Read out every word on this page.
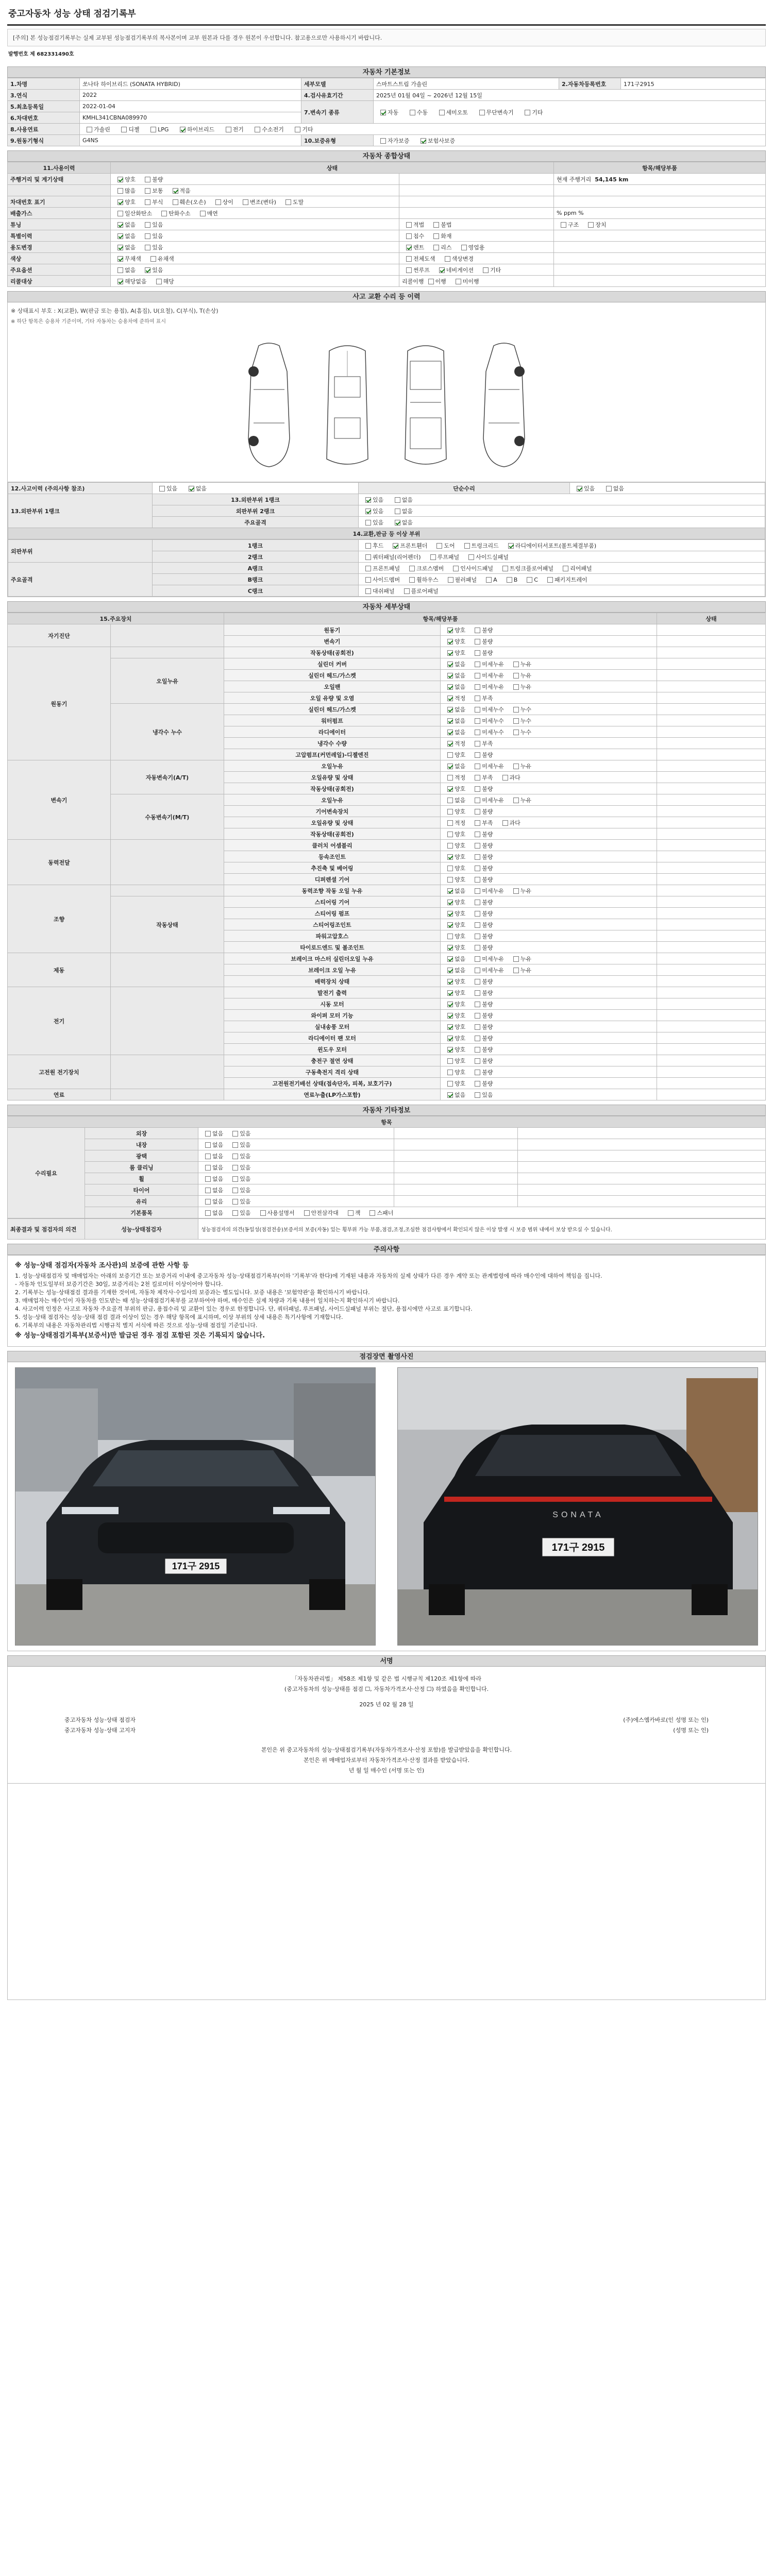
중고자동차 성능 상태 점검기록부
[주의] 본 성능점검기록부는 실제 교부된 성능점검기록부의 복사본이며 교부 원본과 다를 경우 원본이 우선합니다. 참고용으로만 사용하시기 바랍니다.
발행번호 제 682331490호
자동차 기본정보
1.차명	쏘나타 하이브리드 (SONATA HYBRID)	세부모델	스마트스트림 가솔린	2.자동차등록번호	171구2915
3.연식	2022	4.검사유효기간	2025년 01월 04일 ~ 2026년 12월 15일		
5.최초등록일	2022-01-04	7.변속기 종류	자동 수동 세미오토 무단변속기 기타		
6.차대번호	KMHL341CBNA089970				
8.사용연료	가솔린 디젤 LPG 하이브리드 전기 수소전기 기타				
9.원동기형식	G4NS	10.보증유형	자가보증 보험사보증		
자동차 종합상태
11.사용이력	상태		항목/해당부품
주행거리 및 계기상태	양호 불량		현재 주행거리 54,145 km
	많음 보통 적음		
차대번호 표기	양호 부식 훼손(오손) 상이 변조(변타) 도말		
배출가스	일산화탄소 탄화수소 매연		% ppm %
튜닝	없음 있음	적법 불법	구조 장치
특별이력	없음 있음	침수 화재	
용도변경	없음 있음	렌트 리스 영업용	
색상	무채색 유채색	전체도색 색상변경	
주요옵션	없음 있음	썬루프 네비게이션 기타	
리콜대상	해당없음 해당	리콜이행 이행 미이행	
사고 교환 수리 등 이력
※ 상태표시 부호 : X(교환), W(판금 또는 용접), A(흠집), U(요철), C(부식), T(손상)
※ 하단 항목은 승용차 기준이며, 기타 자동차는 승용차에 준하여 표시
12.사고이력 (주의사항 참조)	있음 없음	단순수리	있음 없음
13.외판부위 1랭크	13.외판부위 1랭크	있음 없음	
	외판부위 2랭크	있음 없음	
	주요골격	있음 없음	
14.교환,판금 등 이상 부위			
외판부위	1랭크	후드 프론트휀더 도어 트렁크리드 라디에이터서포트(볼트체결부품)
	2랭크	쿼터패널(리어펜더) 루프패널 사이드실패널
주요골격	A랭크	프론트패널 크로스멤버 인사이드패널 트렁크플로어패널 리어패널
	B랭크	사이드멤버 휠하우스 필러패널 A B C 패키지트레이
	C랭크	대쉬패널 플로어패널
자동차 세부상태
15.주요장치		항목/해당부품		상태
자기진단		원동기	양호 불량	
		변속기	양호 불량	
원동기		작동상태(공회전)	양호 불량	
	오일누유	실린더 커버	없음 미세누유 누유	
		실린더 헤드/가스켓	없음 미세누유 누유	
		오일팬	없음 미세누유 누유	
		오일 유량 및 오염	적정 부족	
	냉각수 누수	실린더 헤드/가스켓	없음 미세누수 누수	
		워터펌프	없음 미세누수 누수	
		라디에이터	없음 미세누수 누수	
		냉각수 수량	적정 부족	
		고압펌프(커먼레일)-디젤엔진	양호 불량	
변속기	자동변속기(A/T)	오일누유	없음 미세누유 누유	
		오일유량 및 상태	적정 부족 과다	
		작동상태(공회전)	양호 불량	
	수동변속기(M/T)	오일누유	없음 미세누유 누유	
		기어변속장치	양호 불량	
		오일유량 및 상태	적정 부족 과다	
		작동상태(공회전)	양호 불량	
동력전달		클러치 어셈블리	양호 불량	
		등속조인트	양호 불량	
		추진축 및 베어링	양호 불량	
		디퍼렌셜 기어	양호 불량	
조향		동력조향 작동 오일 누유	없음 미세누유 누유	
	작동상태	스티어링 기어	양호 불량	
		스티어링 펌프	양호 불량	
		스티어링조인트	양호 불량	
		파워고압호스	양호 불량	
		타이로드엔드 및 볼조인트	양호 불량	
제동		브레이크 마스터 실린더오일 누유	없음 미세누유 누유	
		브레이크 오일 누유	없음 미세누유 누유	
		배력장치 상태	양호 불량	
전기		발전기 출력	양호 불량	
		시동 모터	양호 불량	
		와이퍼 모터 기능	양호 불량	
		실내송풍 모터	양호 불량	
		라디에이터 팬 모터	양호 불량	
		윈도우 모터	양호 불량	
고전원 전기장치		충전구 절연 상태	양호 불량	
		구동축전지 격리 상태	양호 불량	
		고전원전기배선 상태(접속단자, 피복, 보호기구)	양호 불량	
연료		연료누출(LP가스포함)	없음 있음	
자동차 기타정보
항목				
수리필요	외장	없음 있음		
	내장	없음 있음		
	광택	없음 있음		
	룸 클리닝	없음 있음		
	휠	없음 있음		
	타이어	없음 있음		
	유리	없음 있음		
	기본품목	없음 있음 사용설명서 안전삼각대 잭 스패너		
최종결과 및 점검자의 의견	성능·상태점검자	성능점검자의 의견(동일성(점검전송)보증서의 보증(자동) 있는 횡부위 가능 부품,점검,조정,조심한 점검사항에서 확인되지 않은 이상 발생 시 보증 범위 내에서 보상 받으실 수 있습니다.
주의사항
※ 성능·상태 점검자(자동차 조사관)의 보증에 관한 사항 등
1. 성능·상태점검자 및 매매업자는 아래의 보증기간 또는 보증거리 이내에 중고자동차 성능·상태점검기록부(이하 '기록부'라 한다)에 기재된 내용과 자동차의 실제 상태가 다른 경우 계약 또는 관계법령에 따라 매수인에 대하여 책임을 집니다.
- 자동차 인도일부터 보증기간은 30일, 보증거리는 2천 킬로미터 이상이어야 합니다.
2. 기록부는 성능·상태점검 결과를 기재한 것이며, 자동차 제작사·수입사의 보증과는 별도입니다. 보증 내용은 '보험약관'을 확인하시기 바랍니다.
3. 매매업자는 매수인이 자동차를 인도받는 때 성능·상태점검기록부를 교부하여야 하며, 매수인은 실제 차량과 기록 내용이 일치하는지 확인하시기 바랍니다.
4. 사고이력 인정은 사고로 자동차 주요골격 부위의 판금, 용접수리 및 교환이 있는 경우로 한정합니다. 단, 쿼터패널, 루프패널, 사이드실패널 부위는 절단, 용접시에만 사고로 표기합니다.
5. 성능·상태 점검자는 성능·상태 점검 결과 이상이 있는 경우 해당 항목에 표시하며, 이상 부위의 상세 내용은 특기사항에 기재합니다.
6. 기록부의 내용은 자동차관리법 시행규칙 별지 서식에 따른 것으로 성능·상태 점검일 기준입니다.
※ 성능·상태점검기록부(보증서)만 발급된 경우 점검 포함된 것은 기록되지 않습니다.
점검장면 촬영사진
171구 2915
SONATA
171구 2915
서명
「자동차관리법」 제58조 제1항 및 같은 법 시행규칙 제120조 제1항에 따라
(중고자동차의 성능·상태를 점검 ☐, 자동차가격조사·산정 ☐) 하였음을 확인합니다.
2025 년 02 월 28 일
중고자동차 성능·상태 점검자	(주)에스엠카바로(인 성명 또는 인)
중고자동차 성능·상태 고지자	(성명 또는 인)
본인은 위 중고자동차의 성능·상태점검기록부(자동차가격조사·산정 포함)를 발급받았음을 확인합니다.
본인은 위 매매업자로부터 자동차가격조사·산정 결과를 받았습니다.
년 월 일 매수인 (서명 또는 인)
